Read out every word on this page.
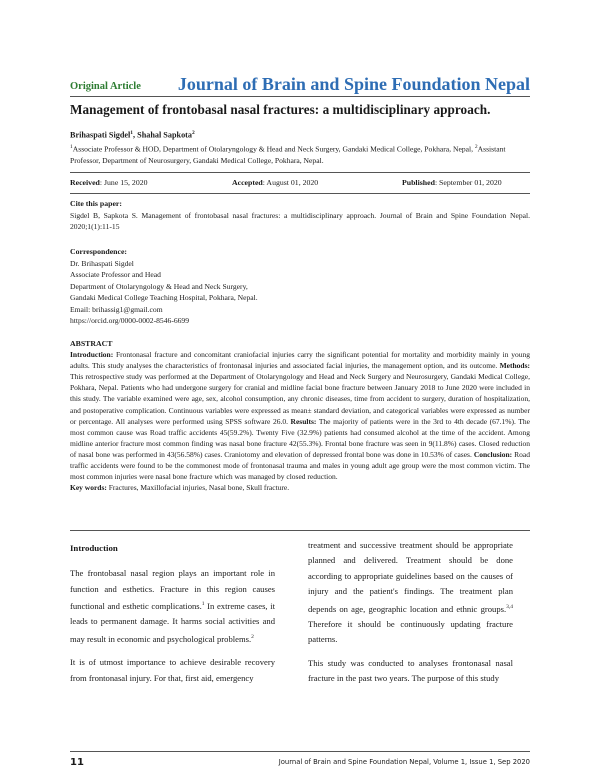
Original Article Journal of Brain and Spine Foundation Nepal
Management of frontobasal nasal fractures: a multidisciplinary approach.
Brihaspati Sigdel$^1$, Shahal Sapkota$^2$
$^1$Associate Professor & HOD, Department of Otolaryngology & Head and Neck Surgery, Gandaki Medical College, Pokhara, Nepal, $^2$Assistant Professor, Department of Neurosurgery, Gandaki Medical College, Pokhara, Nepal.
Received: June 15, 2020	Accepted: August 01, 2020	Published: September 01, 2020
Cite this paper:
Sigdel B, Sapkota S. Management of frontobasal nasal fractures: a multidisciplinary approach. Journal of Brain and Spine Foundation Nepal. 2020;1(1):11-15
Correspondence:
Dr. Brihaspati Sigdel
Associate Professor and Head
Department of Otolaryngology & Head and Neck Surgery,
Gandaki Medical College Teaching Hospital, Pokhara, Nepal.
Email: brihassig1@gmail.com
https://orcid.org/0000-0002-8546-6699
ABSTRACT
Introduction: Frontonasal fracture and concomitant craniofacial injuries carry the significant potential for mortality and morbidity mainly in young adults. This study analyses the characteristics of frontonasal injuries and associated facial injuries, the management option, and its outcome. Methods: This retrospective study was performed at the Department of Otolaryngology and Head and Neck Surgery and Neurosurgery, Gandaki Medical College, Pokhara, Nepal. Patients who had undergone surgery for cranial and midline facial bone fracture between January 2018 to June 2020 were included in this study. The variable examined were age, sex, alcohol consumption, any chronic diseases, time from accident to surgery, duration of hospitalization, and postoperative complication. Continuous variables were expressed as mean± standard deviation, and categorical variables were expressed as number or percentage. All analyses were performed using SPSS software 26.0. Results: The majority of patients were in the 3rd to 4th decade (67.1%). The most common cause was Road traffic accidents 45(59.2%). Twenty Five (32.9%) patients had consumed alcohol at the time of the accident. Among midline anterior fracture most common finding was nasal bone fracture 42(55.3%). Frontal bone fracture was seen in 9(11.8%) cases. Closed reduction of nasal bone was performed in 43(56.58%) cases. Craniotomy and elevation of depressed frontal bone was done in 10.53% of cases. Conclusion: Road traffic accidents were found to be the commonest mode of frontonasal trauma and males in young adult age group were the most common victim. The most common injuries were nasal bone fracture which was managed by closed reduction.
Key words: Fractures, Maxillofacial injuries, Nasal bone, Skull fracture.

Introduction

The frontobasal nasal region plays an important role in function and esthetics. Fracture in this region causes functional and esthetic complications.$^1$ In extreme cases, it leads to permanent damage. It harms social activities and may result in economic and psychological problems.$^2$

It is of utmost importance to achieve desirable recovery from frontonasal injury. For that, first aid, emergency

treatment and successive treatment should be appropriate planned and delivered. Treatment should be done according to appropriate guidelines based on the causes of injury and the patient's findings. The treatment plan depends on age, geographic location and ethnic groups.$^{3,4}$ Therefore it should be continuously updating fracture patterns.

This study was conducted to analyses frontonasal nasal fracture in the past two years. The purpose of this study

11	Journal of Brain and Spine Foundation Nepal, Volume 1, Issue 1, Sep 2020
